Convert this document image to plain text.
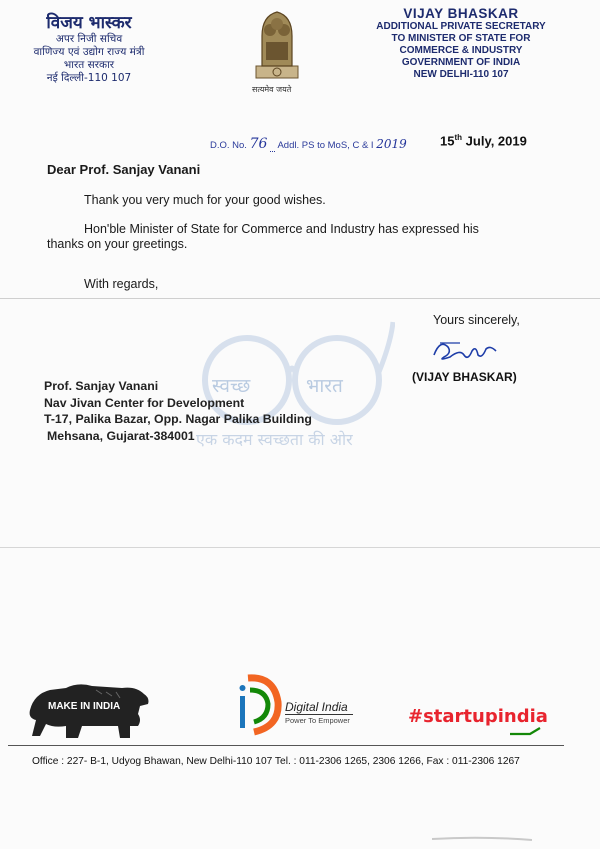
विजय भास्कर
अपर निजी सचिव
वाणिज्य एवं उद्योग राज्य मंत्री
भारत सरकार
नई दिल्ली-110 107
सत्यमेव जयते
VIJAY BHASKAR
ADDITIONAL PRIVATE SECRETARY
TO MINISTER OF STATE FOR
COMMERCE & INDUSTRY
GOVERNMENT OF INDIA
NEW DELHI-110 107
D.O. No. 76 Addl. PS to MoS, C & I 2019	15th July, 2019
Dear Prof. Sanjay Vanani
Thank you very much for your good wishes.
Hon'ble Minister of State for Commerce and Industry has expressed his
thanks on your greetings.
With regards,
स्वच्छ	भारत
एक कदम स्वच्छता की ओर
Yours sincerely,
(VIJAY BHASKAR)
Prof. Sanjay Vanani
Nav Jivan Center for Development
T-17, Palika Bazar, Opp. Nagar Palika Building
Mehsana, Gujarat-384001
MAKE IN INDIA	Digital India
Power To Empower	#startupindia
Office : 227- B-1, Udyog Bhawan, New Delhi-110 107 Tel. : 011-2306 1265, 2306 1266, Fax : 011-2306 1267
